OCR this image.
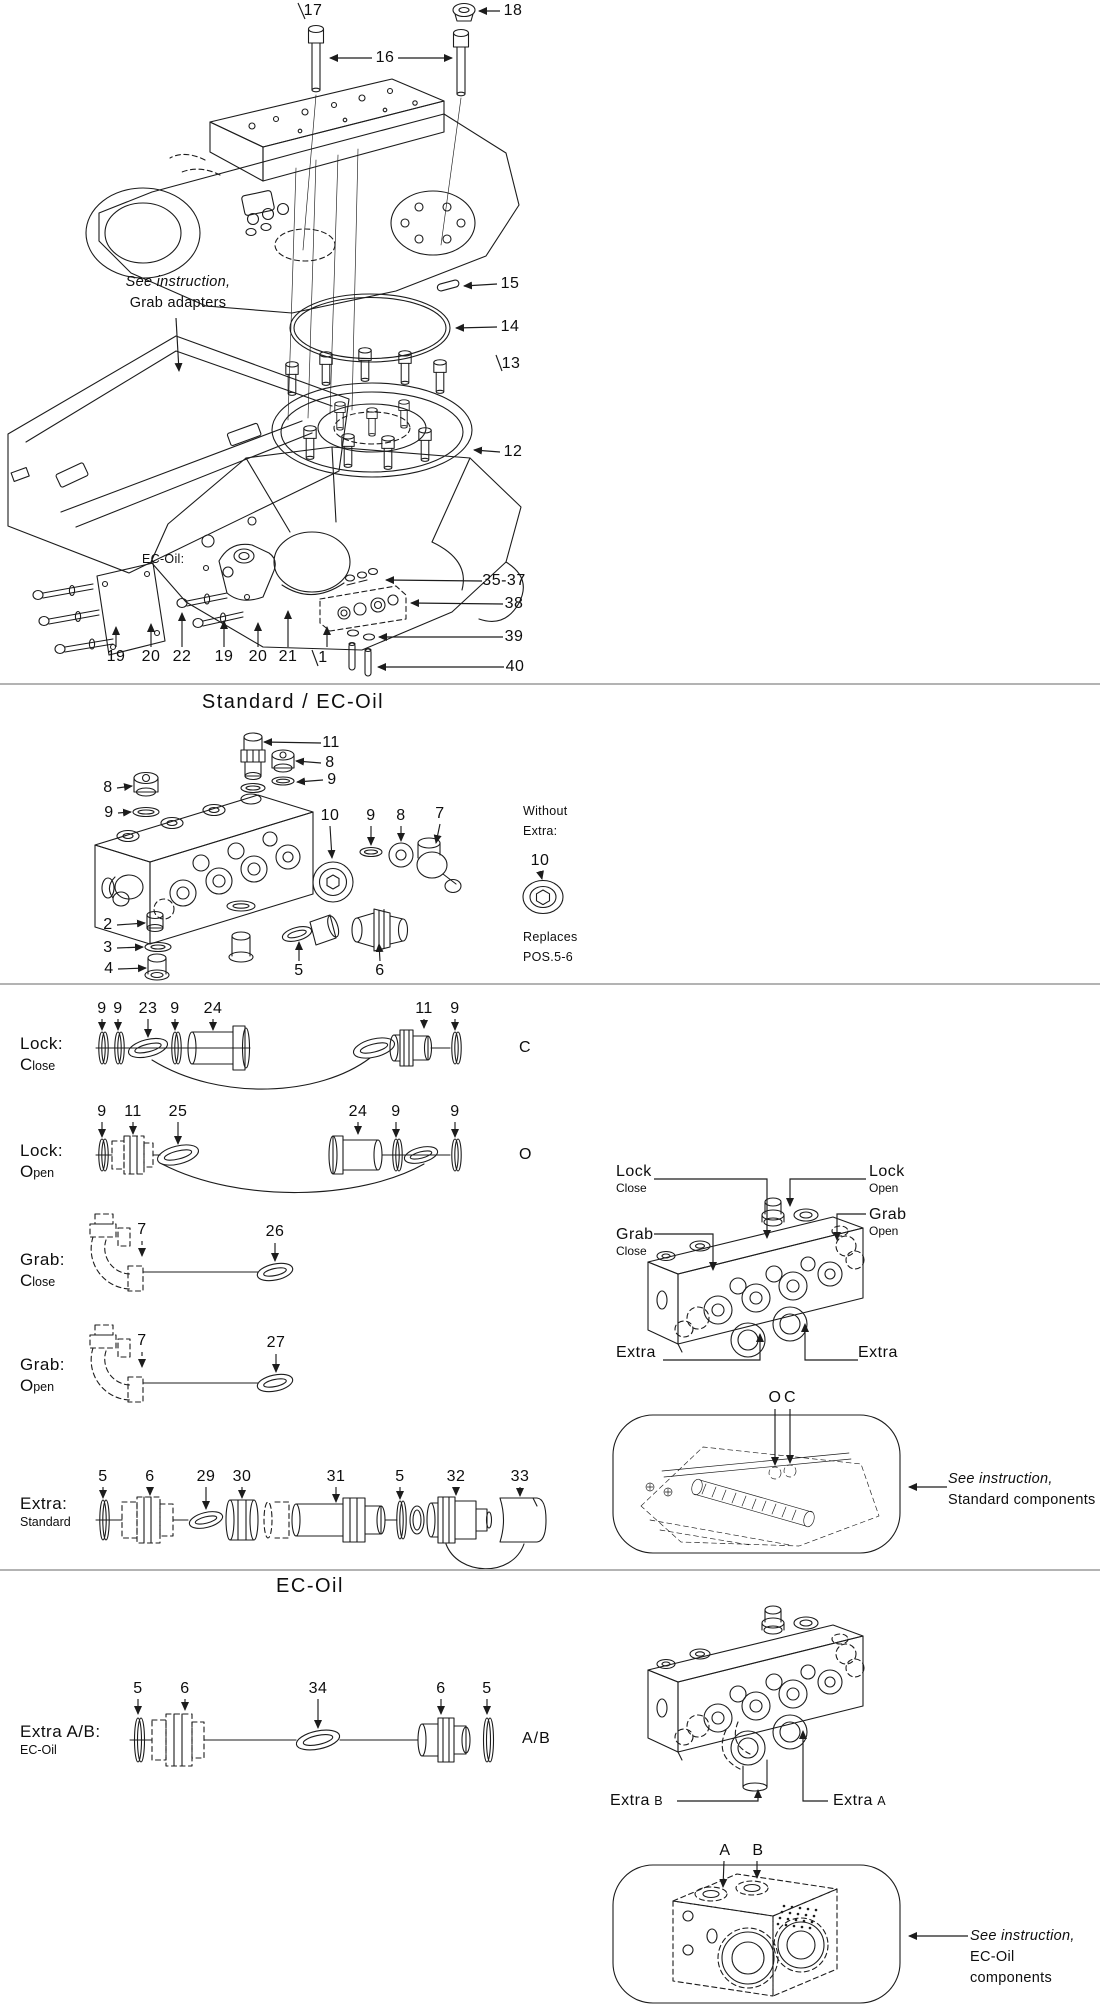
See instruction,
Grab adapters
EC-Oil:
Standard / EC-Oil
Without
Extra:
Replaces
POS.5-6
Lock:
Close
C
Lock:
Open
O
Grab:
Close
Grab:
Open
Extra:
Standard
Lock
Close
Lock
Open
Grab
Close
Grab
Open
Extra	Extra
See instruction,
Standard components
EC-Oil
Extra A/B:
EC-Oil
A/B
Extra B	Extra A
See instruction,
EC-Oil components
17	18
16
15
14
13
12
19 20 22 19 20 21 1
35-37
38
39
40
11
8
9
8
9	10 9 8 7
2
3
4	5	6
10
9 9 23 9 24	11 9
9 11 25	24 9	9
7	26
7	27
5 6	29 30	31	5	32	33
O C
5 6	34	6 5
A B
